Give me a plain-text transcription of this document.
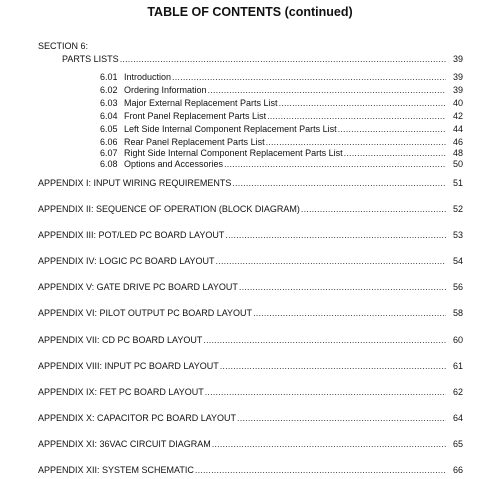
TABLE OF CONTENTS (continued)
SECTION 6:
PARTS LISTS .....	39
6.01 Introduction .....	39
6.02 Ordering Information .....	39
6.03 Major External Replacement Parts List .....	40
6.04 Front Panel Replacement Parts List .....	42
6.05 Left Side Internal Component Replacement Parts List .....	44
6.06 Rear Panel Replacement Parts List .....	46
6.07 Right Side Internal Component Replacement Parts List .....	48
6.08 Options and Accessories .....	50
APPENDIX I: INPUT WIRING REQUIREMENTS .....	51
APPENDIX II: SEQUENCE OF OPERATION (BLOCK DIAGRAM) .....	52
APPENDIX III: POT/LED PC BOARD LAYOUT .....	53
APPENDIX IV: LOGIC PC BOARD LAYOUT .....	54
APPENDIX V: GATE DRIVE PC BOARD LAYOUT .....	56
APPENDIX VI: PILOT OUTPUT PC BOARD LAYOUT .....	58
APPENDIX VII: CD PC BOARD LAYOUT .....	60
APPENDIX VIII: INPUT PC BOARD LAYOUT .....	61
APPENDIX IX: FET PC BOARD LAYOUT .....	62
APPENDIX X: CAPACITOR PC BOARD LAYOUT .....	64
APPENDIX XI: 36VAC CIRCUIT DIAGRAM .....	65
APPENDIX XII: SYSTEM SCHEMATIC .....	66
